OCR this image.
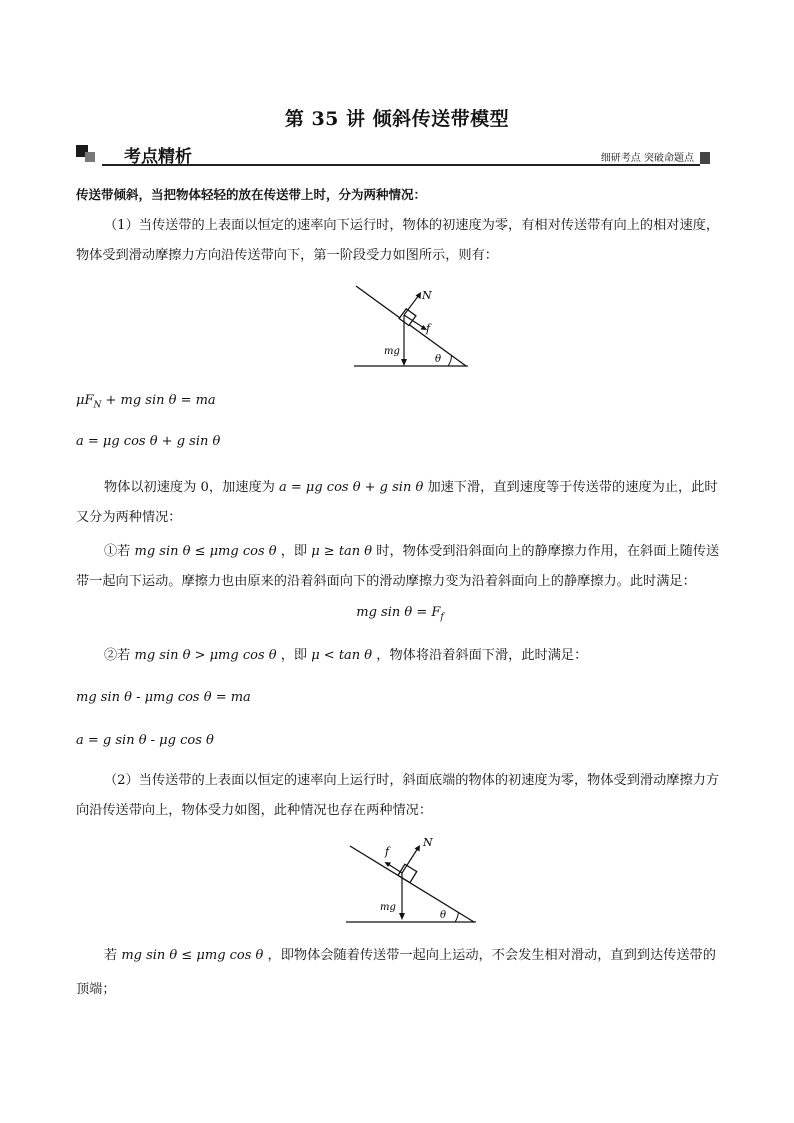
第 35 讲 倾斜传送带模型
考点精析	细研考点 突破命题点
传送带倾斜，当把物体轻轻的放在传送带上时，分为两种情况：
（1）当传送带的上表面以恒定的速率向下运行时，物体的初速度为零，有相对传送带有向上的相对速度，物体受到滑动摩擦力方向沿传送带向下，第一阶段受力如图所示，则有：
N
f
mg
θ
$\mu F_N$ + mg sin θ = ma
a = μg cos θ + g sin θ
物体以初速度为 0，加速度为 a = μg cos θ + g sin θ 加速下滑，直到速度等于传送带的速度为止，此时又分为两种情况：
①若 mg sin θ ≤ μmg cos θ ，即 μ ≥ tan θ 时，物体受到沿斜面向上的静摩擦力作用，在斜面上随传送带一起向下运动。摩擦力也由原来的沿着斜面向下的滑动摩擦力变为沿着斜面向上的静摩擦力。此时满足：
mg $\sin \theta = F_f$
②若 mg sin θ > μmg cos θ ，即 μ < tan θ ，物体将沿着斜面下滑，此时满足：
mg sin θ - μmg cos θ = ma
a = g sin θ - μg cos θ
（2）当传送带的上表面以恒定的速率向上运行时，斜面底端的物体的初速度为零，物体受到滑动摩擦力方向沿传送带向上，物体受力如图，此种情况也存在两种情况：
N
f
mg
θ
若 mg sin θ ≤ μmg cos θ ，即物体会随着传送带一起向上运动，不会发生相对滑动，直到到达传送带的顶端；
